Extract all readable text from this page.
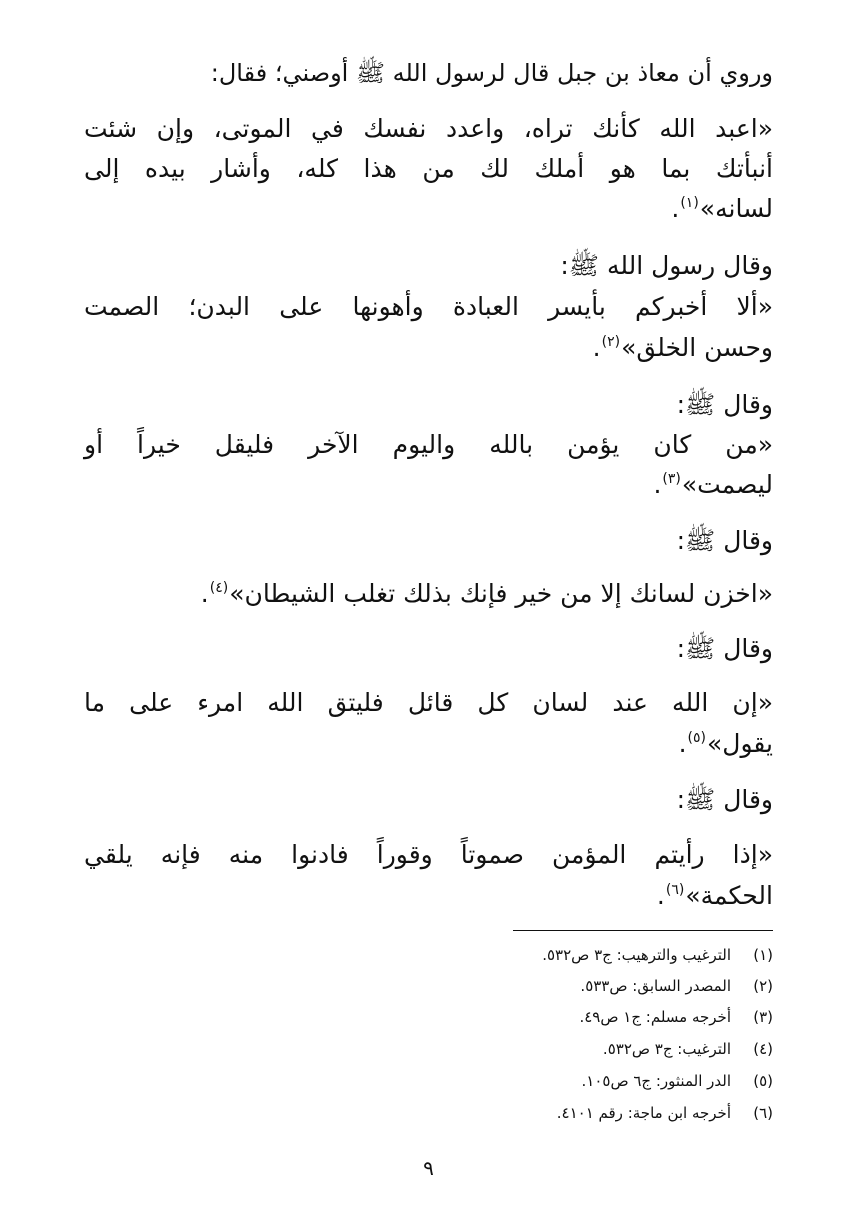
وروي أن معاذ بن جبل قال لرسول الله ﷺ أوصني؛ فقال:
«اعبد الله كأنك تراه، واعدد نفسك في الموتى، وإن شئت
أنبأتك بما هو أملك لك من هذا كله، وأشار بيده إلى
لسانه»$^{(١)}$.
وقال رسول الله ﷺ:
«ألا أخبركم بأيسر العبادة وأهونها على البدن؛ الصمت
وحسن الخلق»$^{(٢)}$.
وقال ﷺ:
«من كان يؤمن بالله واليوم الآخر فليقل خيراً أو
ليصمت»$^{(٣)}$.
وقال ﷺ:
«اخزن لسانك إلا من خير فإنك بذلك تغلب الشيطان»$^{(٤)}$.
وقال ﷺ:
«إن الله عند لسان كل قائل فليتق الله امرء على ما
يقول»$^{(٥)}$.
وقال ﷺ:
«إذا رأيتم المؤمن صموتاً وقوراً فادنوا منه فإنه يلقي
الحكمة»$^{(٦)}$.
(١)الترغيب والترهيب: ج٣ ص٥٣٢.
(٢)المصدر السابق: ص٥٣٣.
(٣)أخرجه مسلم: ج١ ص٤٩.
(٤)الترغيب: ج٣ ص٥٣٢.
(٥)الدر المنثور: ج٦ ص١٠٥.
(٦)أخرجه ابن ماجة: رقم ٤١٠١.
٩
